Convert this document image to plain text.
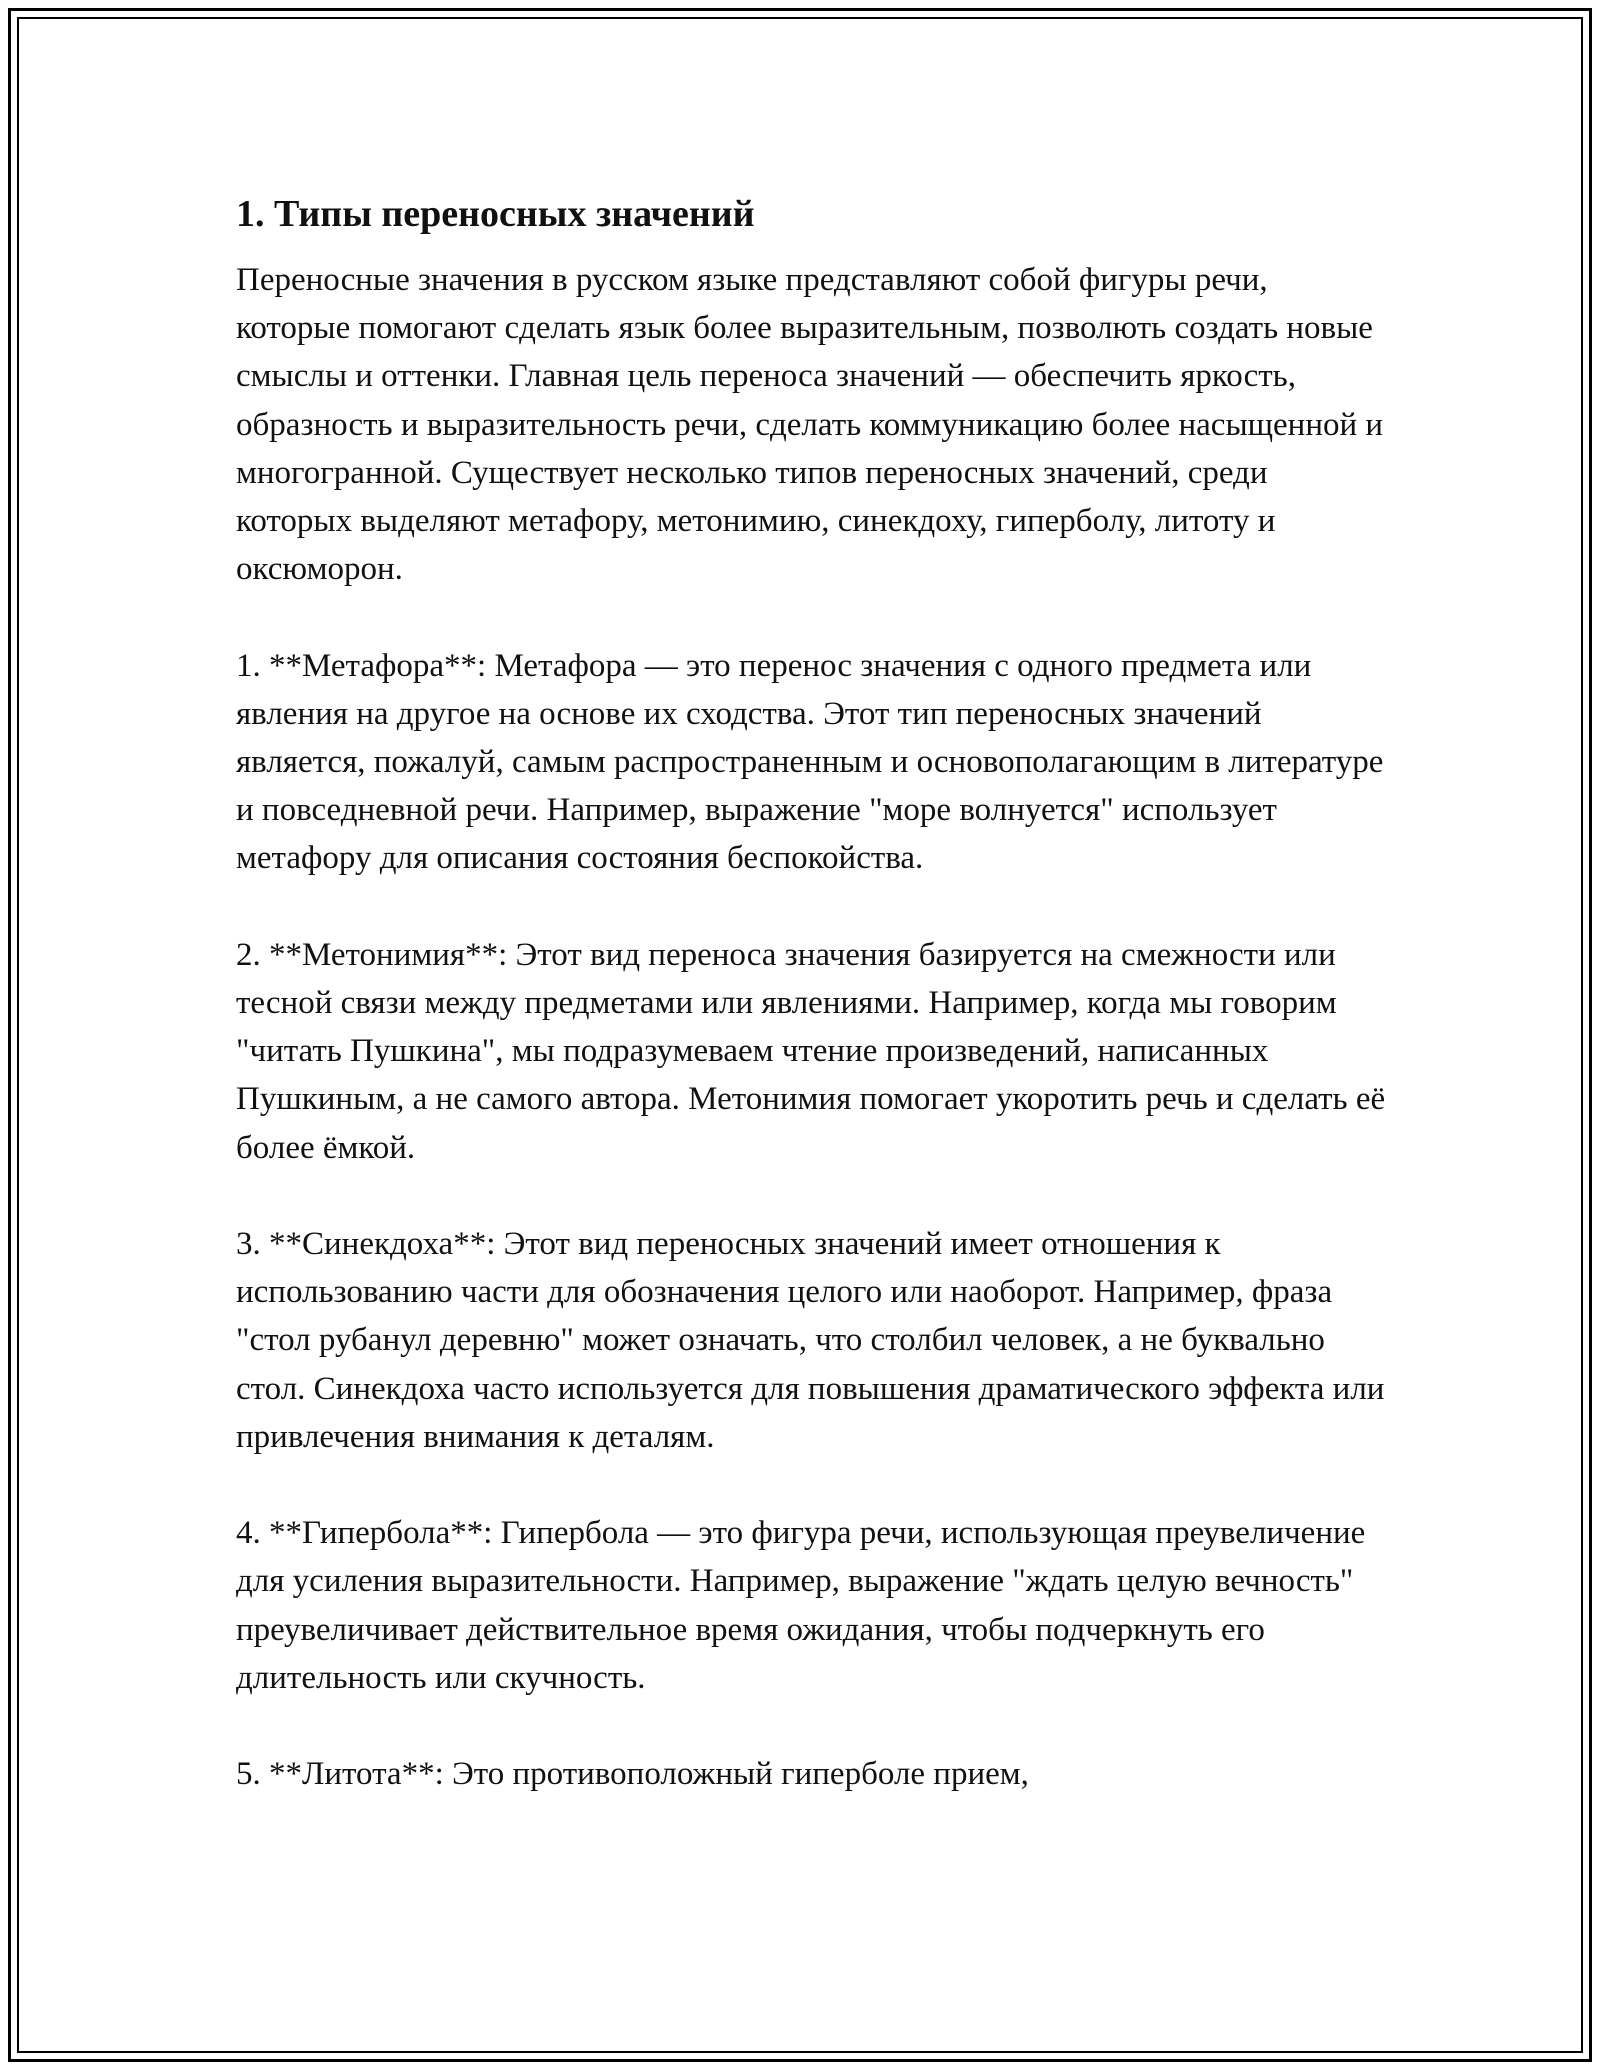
1. Типы переносных значений

Переносные значения в русском языке представляют собой фигуры речи, которые помогают сделать язык более выразительным, позволють создать новые смыслы и оттенки. Главная цель переноса значений — обеспечить яркость, образность и выразительность речи, сделать коммуникацию более насыщенной и многогранной. Существует несколько типов переносных значений, среди которых выделяют метафору, метонимию, синекдоху, гиперболу, литоту и оксюморон.

1. **Метафора**: Метафора — это перенос значения с одного предмета или явления на другое на основе их сходства. Этот тип переносных значений является, пожалуй, самым распространенным и основополагающим в литературе и повседневной речи. Например, выражение "море волнуется" использует метафору для описания состояния беспокойства.

2. **Метонимия**: Этот вид переноса значения базируется на смежности или тесной связи между предметами или явлениями. Например, когда мы говорим "читать Пушкина", мы подразумеваем чтение произведений, написанных Пушкиным, а не самого автора. Метонимия помогает укоротить речь и сделать её более ёмкой.

3. **Синекдоха**: Этот вид переносных значений имеет отношения к использованию части для обозначения целого или наоборот. Например, фраза "стол рубанул деревню" может означать, что столбил человек, а не буквально стол. Синекдоха часто используется для повышения драматического эффекта или привлечения внимания к деталям.

4. **Гипербола**: Гипербола — это фигура речи, использующая преувеличение для усиления выразительности. Например, выражение "ждать целую вечность" преувеличивает действительное время ожидания, чтобы подчеркнуть его длительность или скучность.

5. **Литота**: Это противоположный гиперболе прием,
